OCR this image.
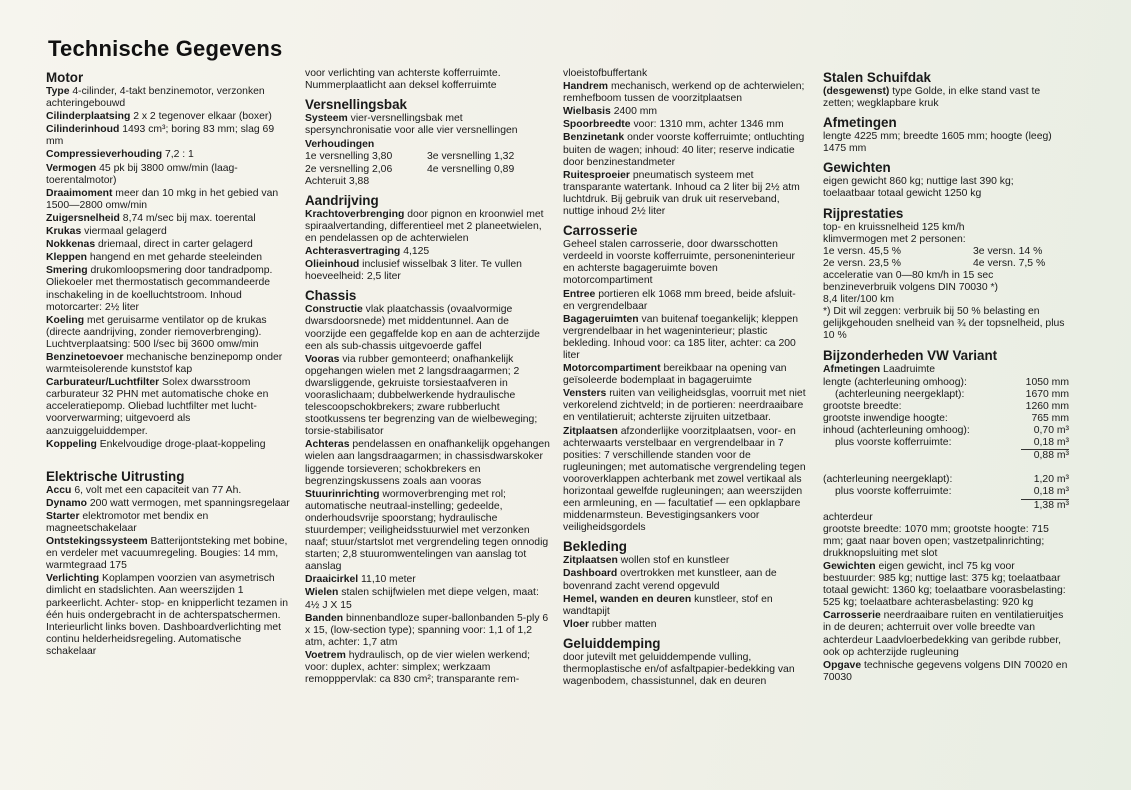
Technische Gegevens
Motor

Type 4-cilinder, 4-takt benzinemotor, verzonken achteringebouwd

Cilinderplaatsing 2 x 2 tegenover elkaar (boxer)

Cilinderinhoud 1493 cm³; boring 83 mm; slag 69 mm

Compressieverhouding 7,2 : 1

Vermogen 45 pk bij 3800 omw/min (laag-toerentalmotor)

Draaimoment meer dan 10 mkg in het gebied van 1500—2800 omw/min

Zuigersnelheid 8,74 m/sec bij max. toerental

Krukas viermaal gelagerd

Nokkenas driemaal, direct in carter gelagerd

Kleppen hangend en met geharde steeleinden

Smering drukomloopsmering door tandradpomp. Oliekoeler met thermostatisch gecommandeerde inschakeling in de koelluchtstroom. Inhoud motorcarter: 2½ liter

Koeling met geruisarme ventilator op de krukas (directe aandrijving, zonder riemoverbrenging). Luchtverplaatsing: 500 l/sec bij 3600 omw/min

Benzinetoevoer mechanische benzinepomp onder warmteisolerende kunststof kap

Carburateur/Luchtfilter Solex dwarsstroom carburateur 32 PHN met automatische choke en acceleratiepomp. Oliebad luchtfilter met lucht-voorverwarming; uitgevoerd als aanzuiggeluiddemper.

Koppeling Enkelvoudige droge-plaat-koppeling

Elektrische Uitrusting

Accu 6, volt met een capaciteit van 77 Ah.

Dynamo 200 watt vermogen, met spanningsregelaar

Starter elektromotor met bendix en magneetschakelaar

Ontstekingssysteem Batterijontsteking met bobine, en verdeler met vacuumregeling. Bougies: 14 mm, warmtegraad 175

Verlichting Koplampen voorzien van asymetrisch dimlicht en stadslichten. Aan weerszijden 1 parkeerlicht. Achter- stop- en knipperlicht tezamen in één huis ondergebracht in de achterspatschermen. Interieurlicht links boven. Dashboardverlichting met continu helderheidsregeling. Automatische schakelaar

voor verlichting van achterste kofferruimte. Nummerplaatlicht aan deksel kofferruimte

Versnellingsbak

Systeem vier-versnellingsbak met spersynchronisatie voor alle vier versnellingen

Verhoudingen

1e versnelling 3,80	3e versnelling 1,32
2e versnelling 2,06	4e versnelling 0,89
Achteruit 3,88
Aandrijving

Krachtoverbrenging door pignon en kroonwiel met spiraalvertanding, differentieel met 2 planeetwielen, en pendelassen op de achterwielen

Achterasvertraging 4,125

Olieinhoud inclusief wisselbak 3 liter. Te vullen hoeveelheid: 2,5 liter

Chassis

Constructie vlak plaatchassis (ovaalvormige dwarsdoorsnede) met middentunnel. Aan de voorzijde een gegaffelde kop en aan de achterzijde een als sub-chassis uitgevoerde gaffel

Vooras via rubber gemonteerd; onafhankelijk opgehangen wielen met 2 langsdraagarmen; 2 dwarsliggende, gekruiste torsiestaafveren in vooraslichaam; dubbelwerkende hydraulische telescoopschokbrekers; zware rubberlucht stootkussens ter begrenzing van de wielbeweging; torsie-stabilisator

Achteras pendelassen en onafhankelijk opgehangen wielen aan langsdraagarmen; in chassisdwarskoker liggende torsieveren; schokbrekers en begrenzingskussens zoals aan vooras

Stuurinrichting wormoverbrenging met rol; automatische neutraal-instelling; gedeelde, onderhoudsvrije spoorstang; hydraulische stuurdemper; veiligheidsstuurwiel met verzonken naaf; stuur/startslot met vergrendeling tegen onnodig starten; 2,8 stuuromwentelingen van aanslag tot aanslag

Draaicirkel 11,10 meter

Wielen stalen schijfwielen met diepe velgen, maat: 4½ J X 15

Banden binnenbandloze super-ballonbanden 5-ply 6 x 15, (low-section type); spanning voor: 1,1 of 1,2 atm, achter: 1,7 atm

Voetrem hydraulisch, op de vier wielen werkend; voor: duplex, achter: simplex; werkzaam remopppervlak: ca 830 cm²; transparante rem-

vloeistofbuffertank

Handrem mechanisch, werkend op de achterwielen; remhefboom tussen de voorzitplaatsen

Wielbasis 2400 mm

Spoorbreedte voor: 1310 mm, achter 1346 mm

Benzinetank onder voorste kofferruimte; ontluchting buiten de wagen; inhoud: 40 liter; reserve indicatie door benzinestandmeter

Ruitesproeier pneumatisch systeem met transparante watertank. Inhoud ca 2 liter bij 2½ atm luchtdruk. Bij gebruik van druk uit reserveband, nuttige inhoud 2½ liter

Carrosserie

Geheel stalen carrosserie, door dwarsschotten verdeeld in voorste kofferruimte, personeninterieur en achterste bagageruimte boven motorcompartiment

Entree portieren elk 1068 mm breed, beide afsluit- en vergrendelbaar

Bagageruimten van buitenaf toegankelijk; kleppen vergrendelbaar in het wageninterieur; plastic bekleding. Inhoud voor: ca 185 liter, achter: ca 200 liter

Motorcompartiment bereikbaar na opening van geïsoleerde bodemplaat in bagageruimte

Vensters ruiten van veiligheidsglas, voorruit met niet verkorelend zichtveld; in de portieren: neerdraaibare en ventilatieruit; achterste zijruiten uitzetbaar.

Zitplaatsen afzonderlijke voorzitplaatsen, voor- en achterwaarts verstelbaar en vergrendelbaar in 7 posities: 7 verschillende standen voor de rugleuningen; met automatische vergrendeling tegen vooroverklappen achterbank met zowel vertikaal als horizontaal gewelfde rugleuningen; aan weerszijden een armleuning, en — facultatief — een opklapbare middenarmsteun. Bevestigingsankers voor veiligheidsgordels

Bekleding

Zitplaatsen wollen stof en kunstleer

Dashboard overtrokken met kunstleer, aan de bovenrand zacht verend opgevuld

Hemel, wanden en deuren kunstleer, stof en wandtapijt

Vloer rubber matten

Geluiddemping

door jutevilt met geluiddempende vulling, thermoplastische en/of asfaltpapier-bedekking van wagenbodem, chassistunnel, dak en deuren

Stalen Schuifdak

(desgewenst) type Golde, in elke stand vast te zetten; wegklapbare kruk

Afmetingen

lengte 4225 mm; breedte 1605 mm; hoogte (leeg) 1475 mm

Gewichten

eigen gewicht 860 kg; nuttige last 390 kg; toelaatbaar totaal gewicht 1250 kg

Rijprestaties
top- en kruissnelheid 125 km/h
klimvermogen met 2 personen:
1e versn. 45,5 %	3e versn. 14 %
2e versn. 23,5 %	4e versn. 7,5 %
acceleratie van 0—80 km/h in 15 sec
benzineverbruik volgens DIN 70030 *)
8,4 liter/100 km

*) Dit wil zeggen: verbruik bij 50 % belasting en gelijkgehouden snelheid van ¾ der topsnelheid, plus 10 %

Bijzonderheden VW Variant

Afmetingen Laadruimte

lengte (achterleuning omhoog):	1050 mm
(achterleuning neergeklapt):	1670 mm
grootste breedte:	1260 mm
grootste inwendige hoogte:	765 mm
inhoud (achterleuning omhoog):	0,70 m³
plus voorste kofferruimte:	0,18 m³
0,88 m³

(achterleuning neergeklapt):	1,20 m³
plus voorste kofferruimte:	0,18 m³
1,38 m³
achterdeur

grootste breedte: 1070 mm; grootste hoogte: 715 mm; gaat naar boven open; vastzetpalinrichting; drukknopsluiting met slot

Gewichten eigen gewicht, incl 75 kg voor bestuurder: 985 kg; nuttige last: 375 kg; toelaatbaar totaal gewicht: 1360 kg; toelaatbare voorasbelasting: 525 kg; toelaatbare achterasbelasting: 920 kg

Carrosserie neerdraaibare ruiten en ventilatieruitjes in de deuren; achterruit over volle breedte van achterdeur Laadvloerbedekking van geribde rubber, ook op achterzijde rugleuning

Opgave technische gegevens volgens DIN 70020 en 70030
